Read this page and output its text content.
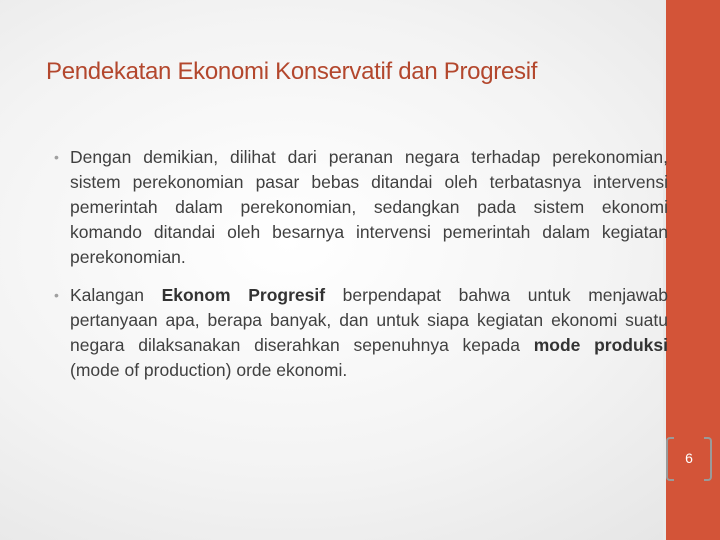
Pendekatan Ekonomi Konservatif dan Progresif
• Dengan demikian, dilihat dari peranan negara terhadap perekonomian, sistem perekonomian pasar bebas ditandai oleh terbatasnya intervensi pemerintah dalam perekonomian, sedangkan pada sistem ekonomi komando ditandai oleh besarnya intervensi pemerintah dalam kegiatan perekonomian.

• Kalangan Ekonom Progresif berpendapat bahwa untuk menjawab pertanyaan apa, berapa banyak, dan untuk siapa kegiatan ekonomi suatu negara dilaksanakan diserahkan sepenuhnya kepada mode produksi (mode of production) orde ekonomi.

6
